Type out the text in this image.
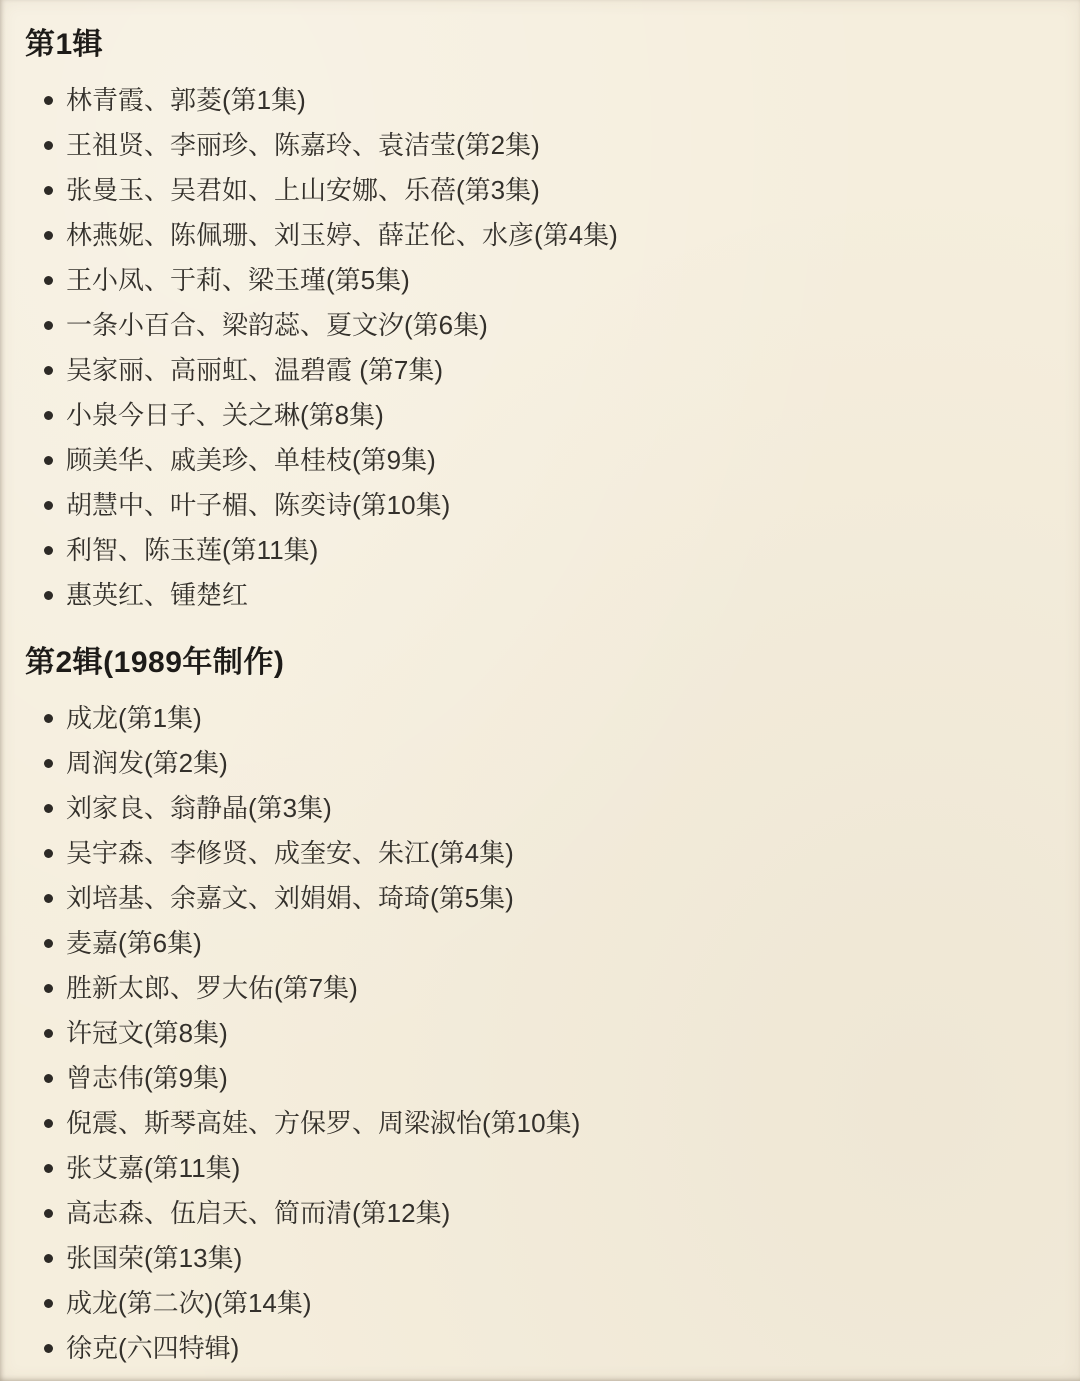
第1辑
林青霞、郭菱(第1集)
王祖贤、李丽珍、陈嘉玲、袁洁莹(第2集)
张曼玉、吴君如、上山安娜、乐蓓(第3集)
林燕妮、陈佩珊、刘玉婷、薛芷伦、水彦(第4集)
王小凤、于莉、梁玉瑾(第5集)
一条小百合、梁韵蕊、夏文汐(第6集)
吴家丽、高丽虹、温碧霞 (第7集)
小泉今日子、关之琳(第8集)
顾美华、戚美珍、单桂枝(第9集)
胡慧中、叶子楣、陈奕诗(第10集)
利智、陈玉莲(第11集)
惠英红、锺楚红
第2辑(1989年制作)
成龙(第1集)
周润发(第2集)
刘家良、翁静晶(第3集)
吴宇森、李修贤、成奎安、朱江(第4集)
刘培基、余嘉文、刘娟娟、琦琦(第5集)
麦嘉(第6集)
胜新太郎、罗大佑(第7集)
许冠文(第8集)
曾志伟(第9集)
倪震、斯琴高娃、方保罗、周梁淑怡(第10集)
张艾嘉(第11集)
高志森、伍启天、简而清(第12集)
张国荣(第13集)
成龙(第二次)(第14集)
徐克(六四特辑)
